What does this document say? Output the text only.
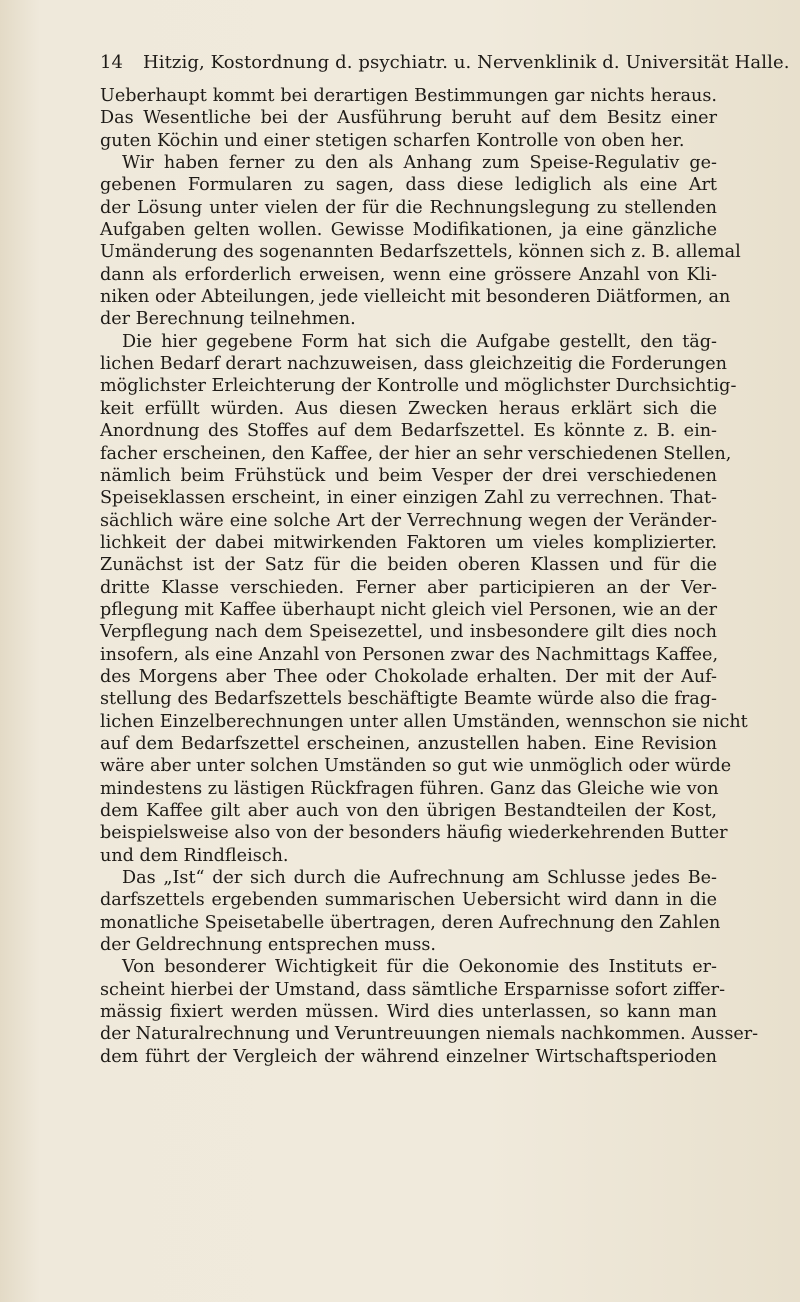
14 Hitzig, Kostordnung d. psychiatr. u. Nervenklinik d. Universität Halle.
Ueberhaupt kommt bei derartigen Bestimmungen gar nichts heraus.
Das Wesentliche bei der Ausführung beruht auf dem Besitz einer
guten Köchin und einer stetigen scharfen Kontrolle von oben her.
Wir haben ferner zu den als Anhang zum Speise-Regulativ ge-
gebenen Formularen zu sagen, dass diese lediglich als eine Art
der Lösung unter vielen der für die Rechnungslegung zu stellenden
Aufgaben gelten wollen. Gewisse Modifikationen, ja eine gänzliche
Umänderung des sogenannten Bedarfszettels, können sich z. B. allemal
dann als erforderlich erweisen, wenn eine grössere Anzahl von Kli-
niken oder Abteilungen, jede vielleicht mit besonderen Diätformen, an
der Berechnung teilnehmen.
Die hier gegebene Form hat sich die Aufgabe gestellt, den täg-
lichen Bedarf derart nachzuweisen, dass gleichzeitig die Forderungen
möglichster Erleichterung der Kontrolle und möglichster Durchsichtig-
keit erfüllt würden. Aus diesen Zwecken heraus erklärt sich die
Anordnung des Stoffes auf dem Bedarfszettel. Es könnte z. B. ein-
facher erscheinen, den Kaffee, der hier an sehr verschiedenen Stellen,
nämlich beim Frühstück und beim Vesper der drei verschiedenen
Speiseklassen erscheint, in einer einzigen Zahl zu verrechnen. That-
sächlich wäre eine solche Art der Verrechnung wegen der Veränder-
lichkeit der dabei mitwirkenden Faktoren um vieles komplizierter.
Zunächst ist der Satz für die beiden oberen Klassen und für die
dritte Klasse verschieden. Ferner aber participieren an der Ver-
pflegung mit Kaffee überhaupt nicht gleich viel Personen, wie an der
Verpflegung nach dem Speisezettel, und insbesondere gilt dies noch
insofern, als eine Anzahl von Personen zwar des Nachmittags Kaffee,
des Morgens aber Thee oder Chokolade erhalten. Der mit der Auf-
stellung des Bedarfszettels beschäftigte Beamte würde also die frag-
lichen Einzelberechnungen unter allen Umständen, wennschon sie nicht
auf dem Bedarfszettel erscheinen, anzustellen haben. Eine Revision
wäre aber unter solchen Umständen so gut wie unmöglich oder würde
mindestens zu lästigen Rückfragen führen. Ganz das Gleiche wie von
dem Kaffee gilt aber auch von den übrigen Bestandteilen der Kost,
beispielsweise also von der besonders häufig wiederkehrenden Butter
und dem Rindfleisch.
Das „Ist“ der sich durch die Aufrechnung am Schlusse jedes Be-
darfszettels ergebenden summarischen Uebersicht wird dann in die
monatliche Speisetabelle übertragen, deren Aufrechnung den Zahlen
der Geldrechnung entsprechen muss.
Von besonderer Wichtigkeit für die Oekonomie des Instituts er-
scheint hierbei der Umstand, dass sämtliche Ersparnisse sofort ziffer-
mässig fixiert werden müssen. Wird dies unterlassen, so kann man
der Naturalrechnung und Veruntreuungen niemals nachkommen. Ausser-
dem führt der Vergleich der während einzelner Wirtschaftsperioden
